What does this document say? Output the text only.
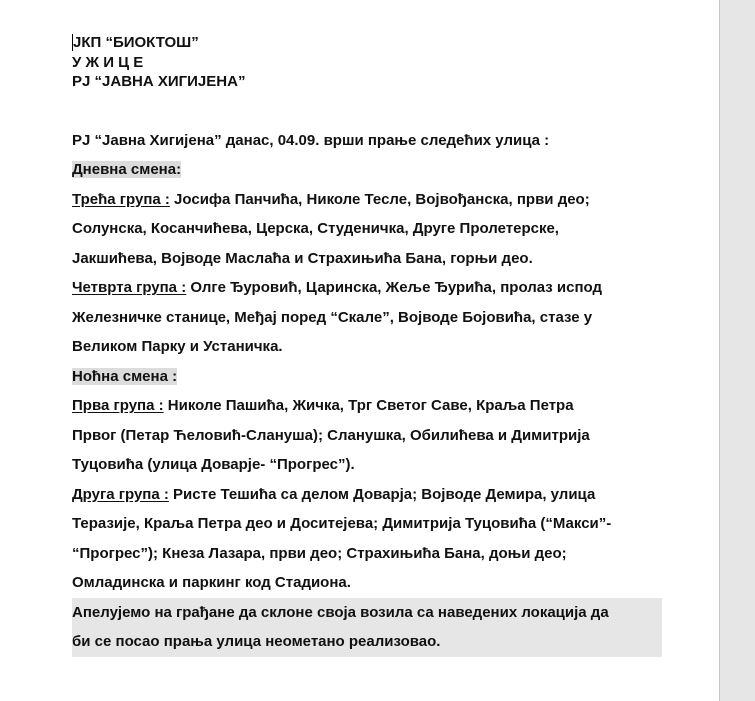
JКП “БИОКТОШ”
У Ж И Ц Е
PJ “JАВНА ХИГИJЕНА”
PJ “Jавна Хигиjена” данас, 04.09. врши прање следећих улица :
Дневна смена:
Трећа група : Јосифа Панчића, Николе Тесле, Војвођанска, први део;
Солунска, Косанчићева, Церска, Студеничка, Друге Пролетерске,
Јакшићева, Војводе Маслаћа и Страхињића Бана, горњи део.
Четврта група : Олге Ђуровић, Царинска, Жеље Ђурића, пролаз испод
Железничке станице, Међај поред “Скале”, Војводе Бојовића, стазе у
Великом Парку и Устаничка.
Ноћна смена :
Прва група : Николе Пашића, Жичка, Трг Светог Саве, Краља Петра
Првог (Петар Ћеловић-Слануша); Сланушка, Обилићева и Димитрија
Туцовића (улица Доварје- “Прогрес”).
Друга група : Ристе Тешића са делом Доварја; Војводе Демира, улица
Теразије, Краља Петра део и Доситејева; Димитрија Туцовића (“Макси”-
“Прогрес”); Кнеза Лазара, први део; Страхињића Бана, доњи део;
Омладинска и паркинг код Стадиона.
Апелујемо на грађане да склоне своја возила са наведених локација да
би се посао прања улица неометано реализовао.
